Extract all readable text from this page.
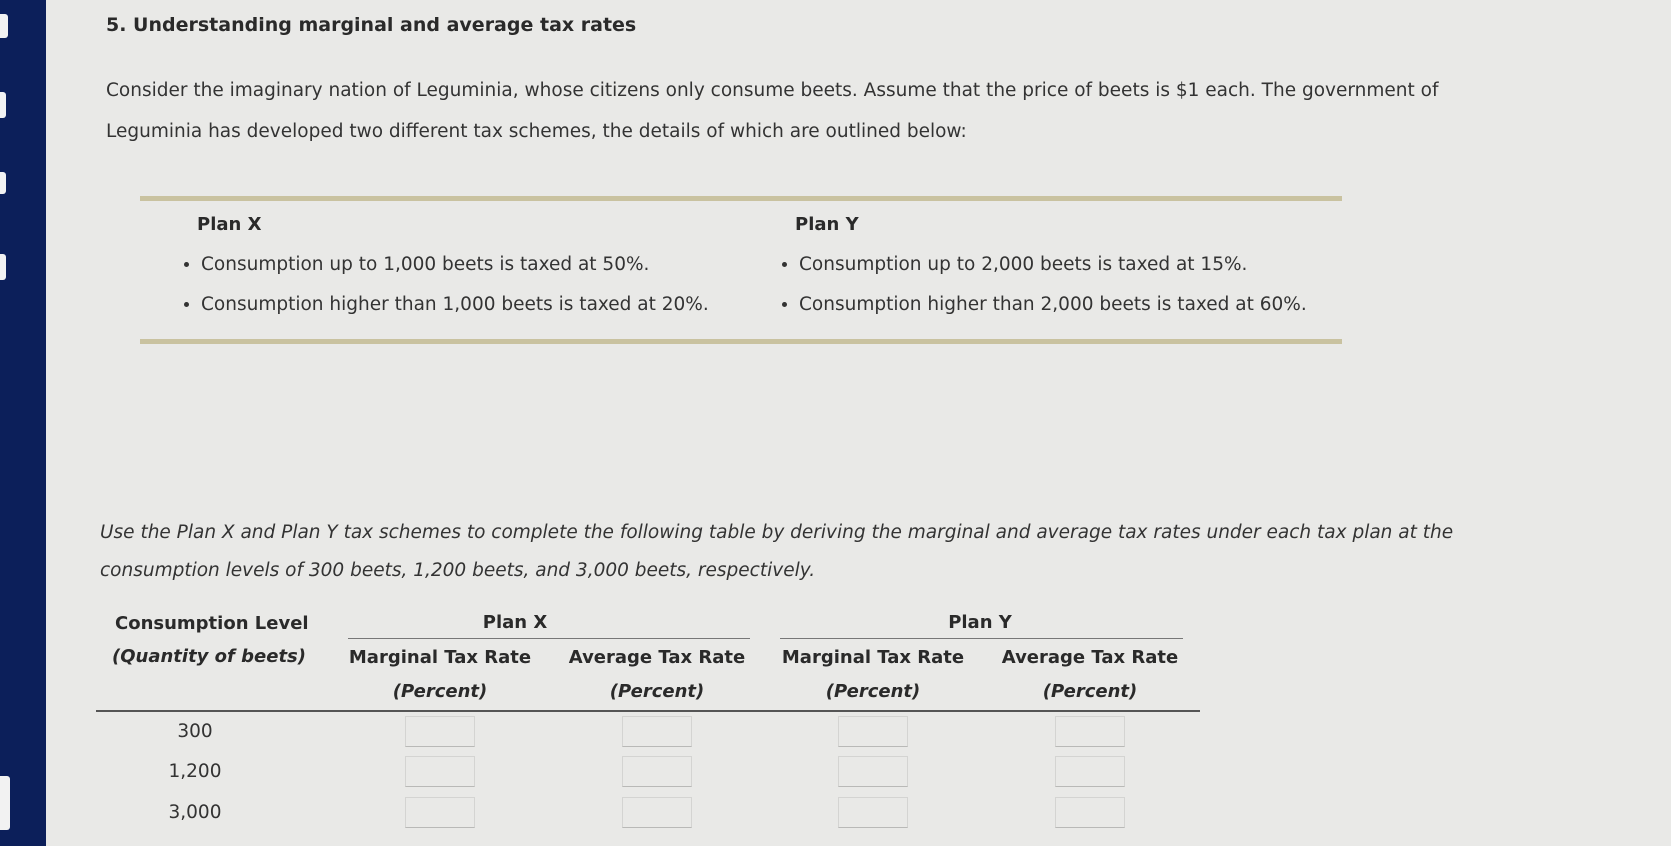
5. Understanding marginal and average tax rates
Consider the imaginary nation of Leguminia, whose citizens only consume beets. Assume that the price of beets is $1 each. The government of
Leguminia has developed two different tax schemes, the details of which are outlined below:
Plan X
Consumption up to 1,000 beets is taxed at 50%.
Consumption higher than 1,000 beets is taxed at 20%.
Plan Y
Consumption up to 2,000 beets is taxed at 15%.
Consumption higher than 2,000 beets is taxed at 60%.
Use the Plan X and Plan Y tax schemes to complete the following table by deriving the marginal and average tax rates under each tax plan at the
consumption levels of 300 beets, 1,200 beets, and 3,000 beets, respectively.
Consumption Level
(Quantity of beets)
Plan X	Plan Y
Marginal Tax Rate
(Percent)
Average Tax Rate
(Percent)
Marginal Tax Rate
(Percent)
Average Tax Rate
(Percent)
300
1,200
3,000
